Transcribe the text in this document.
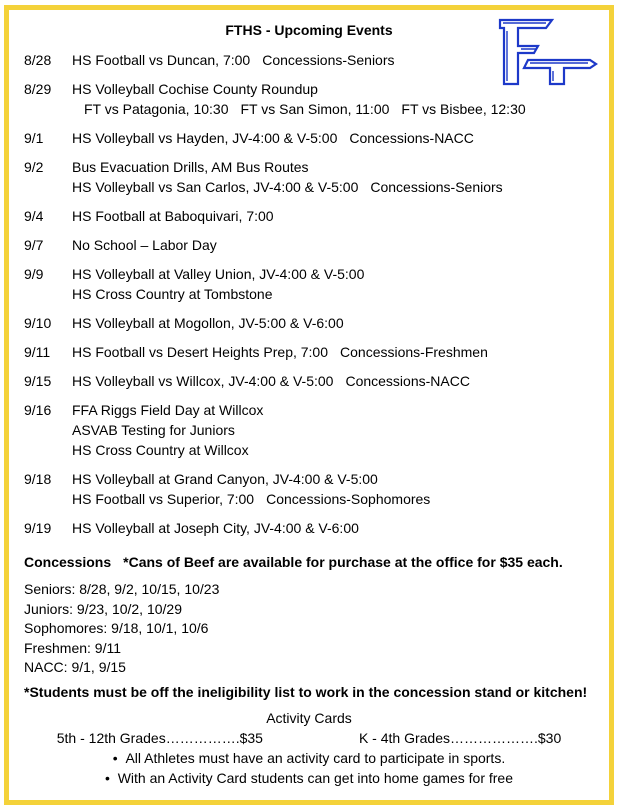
FTHS - Upcoming Events
8/28	HS Football vs Duncan, 7:00 Concessions-Seniors
8/29	HS Volleyball Cochise County Roundup
FT vs Patagonia, 10:30 FT vs San Simon, 11:00 FT vs Bisbee, 12:30
9/1	HS Volleyball vs Hayden, JV-4:00 & V-5:00 Concessions-NACC
9/2	Bus Evacuation Drills, AM Bus Routes
HS Volleyball vs San Carlos, JV-4:00 & V-5:00 Concessions-Seniors
9/4	HS Football at Baboquivari, 7:00
9/7	No School – Labor Day
9/9	HS Volleyball at Valley Union, JV-4:00 & V-5:00
HS Cross Country at Tombstone
9/10	HS Volleyball at Mogollon, JV-5:00 & V-6:00
9/11	HS Football vs Desert Heights Prep, 7:00 Concessions-Freshmen
9/15	HS Volleyball vs Willcox, JV-4:00 & V-5:00 Concessions-NACC
9/16	FFA Riggs Field Day at Willcox
ASVAB Testing for Juniors
HS Cross Country at Willcox
9/18	HS Volleyball at Grand Canyon, JV-4:00 & V-5:00
HS Football vs Superior, 7:00 Concessions-Sophomores
9/19	HS Volleyball at Joseph City, JV-4:00 & V-6:00
Concessions *Cans of Beef are available for purchase at the office for $35 each.
Seniors: 8/28, 9/2, 10/15, 10/23
Juniors: 9/23, 10/2, 10/29
Sophomores: 9/18, 10/1, 10/6
Freshmen: 9/11
NACC: 9/1, 9/15
*Students must be off the ineligibility list to work in the concession stand or kitchen!
Activity Cards
5th - 12th Grades…………….$35	K - 4th Grades……………….$30
•  All Athletes must have an activity card to participate in sports.
•  With an Activity Card students can get into home games for free
